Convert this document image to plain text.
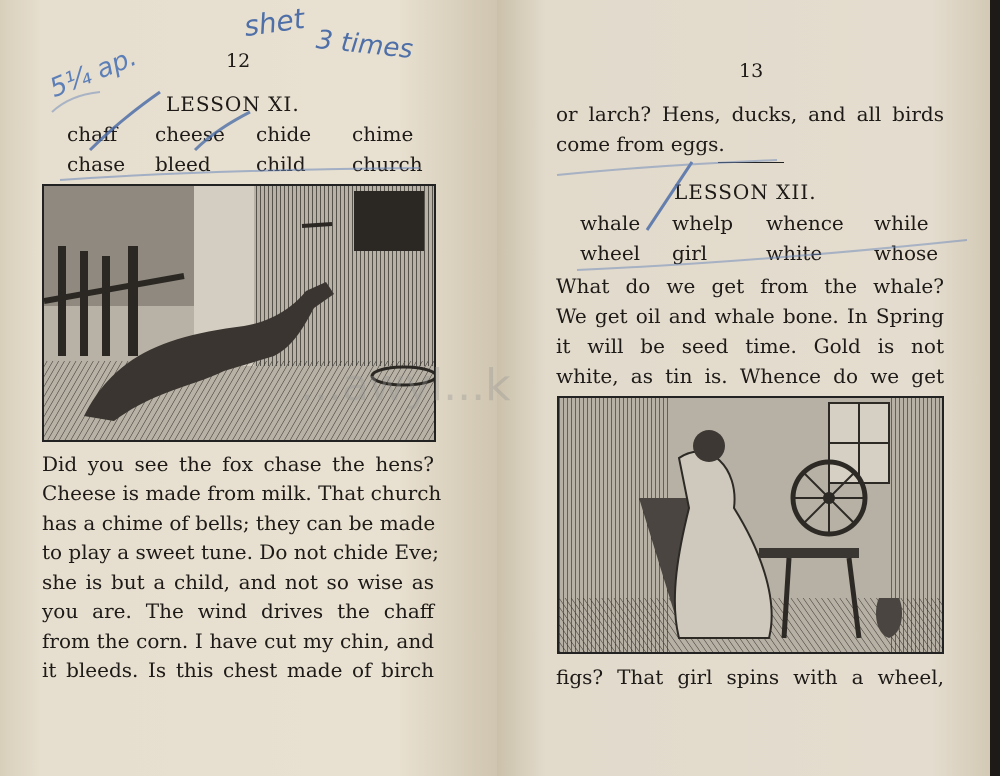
12
shet
3 times
5¼ ap.
LESSON XI.
chaff cheese chide chime
chase bleed child church
Did you see the fox chase the hens?
Cheese is made from milk. That church
has a chime of bells; they can be made
to play a sweet tune. Do not chide Eve;
she is but a child, and not so wise as
you are. The wind drives the chaff
from the corn. I have cut my chin, and
it bleeds. Is this chest made of birch
13
or larch? Hens, ducks, and all birds
come from eggs.
LESSON XII.
whale whelp whence while
wheel girl	white	whose
What do we get from the whale?
We get oil and whale bone. In Spring
it will be seed time. Gold is not
white, as tin is. Whence do we get
figs? That girl spins with a wheel,
...awyl...k
